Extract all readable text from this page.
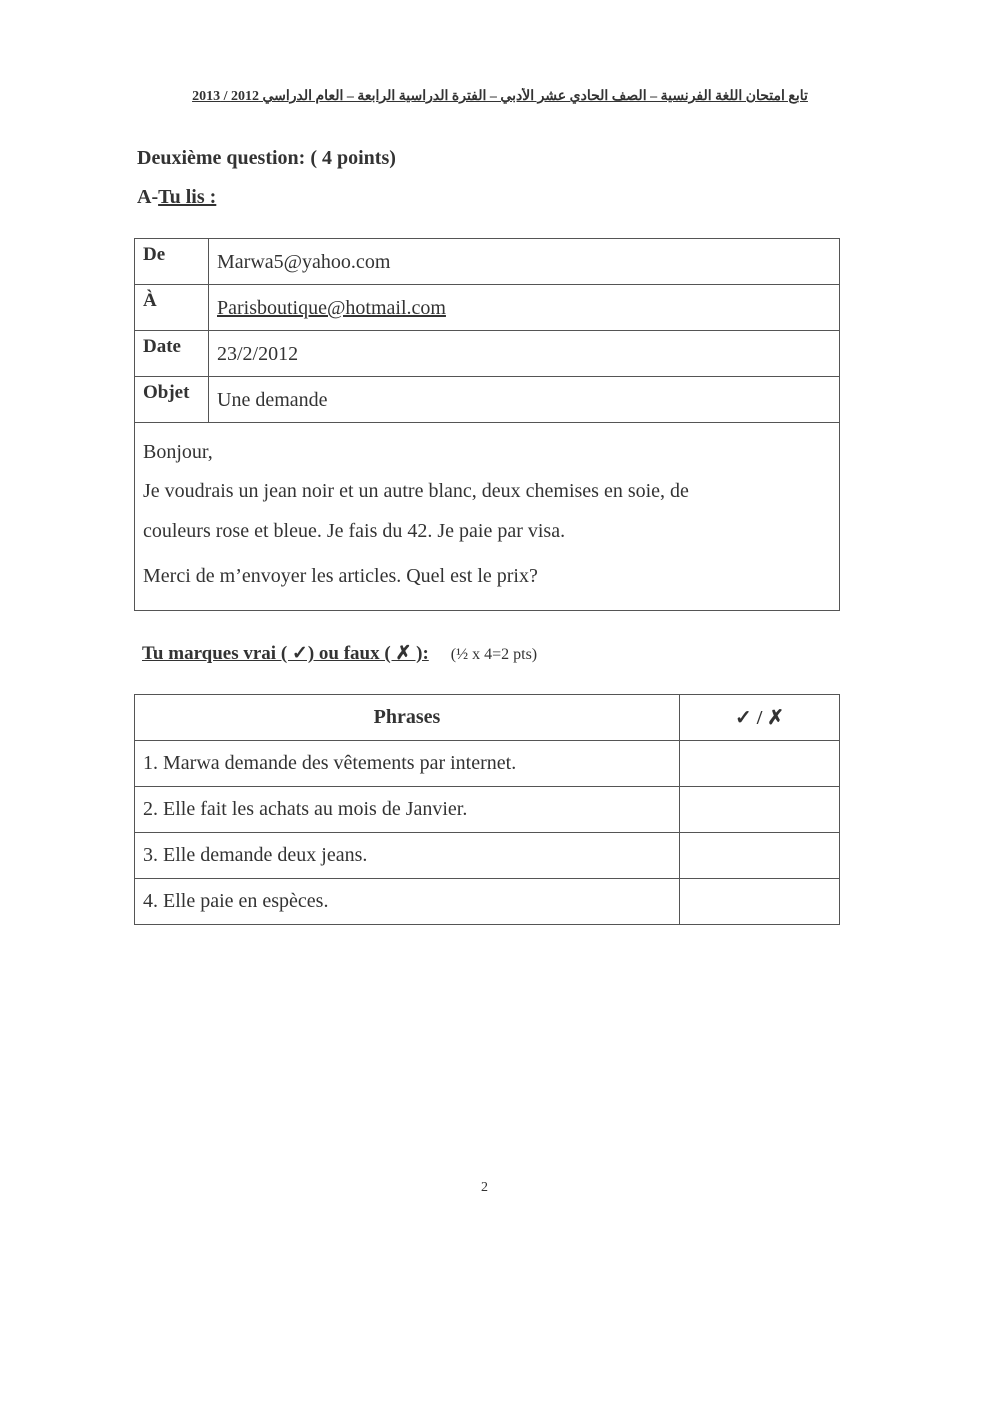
تابع امتحان اللغة الفرنسية – الصف الحادي عشر الأدبي – الفترة الدراسية الرابعة – العام الدراسي 2012 / 2013
Deuxième question: ( 4 points)
A-Tu lis :
De	Marwa5@yahoo.com
À	Parisboutique@hotmail.com
Date 23/2/2012
Objet Une demande

Bonjour,

Je voudrais un jean noir et un autre blanc, deux chemises en soie, de

couleurs rose et bleue. Je fais du 42. Je paie par visa.

Merci de m’envoyer les articles. Quel est le prix?

Tu marques vrai ( ✓) ou faux ( ✗ ): (½ x 4=2 pts)
Phrases	✓ / ✗
1. Marwa demande des vêtements par internet.	
2. Elle fait les achats au mois de Janvier.	
3. Elle demande deux jeans.	
4. Elle paie en espèces.	
2
